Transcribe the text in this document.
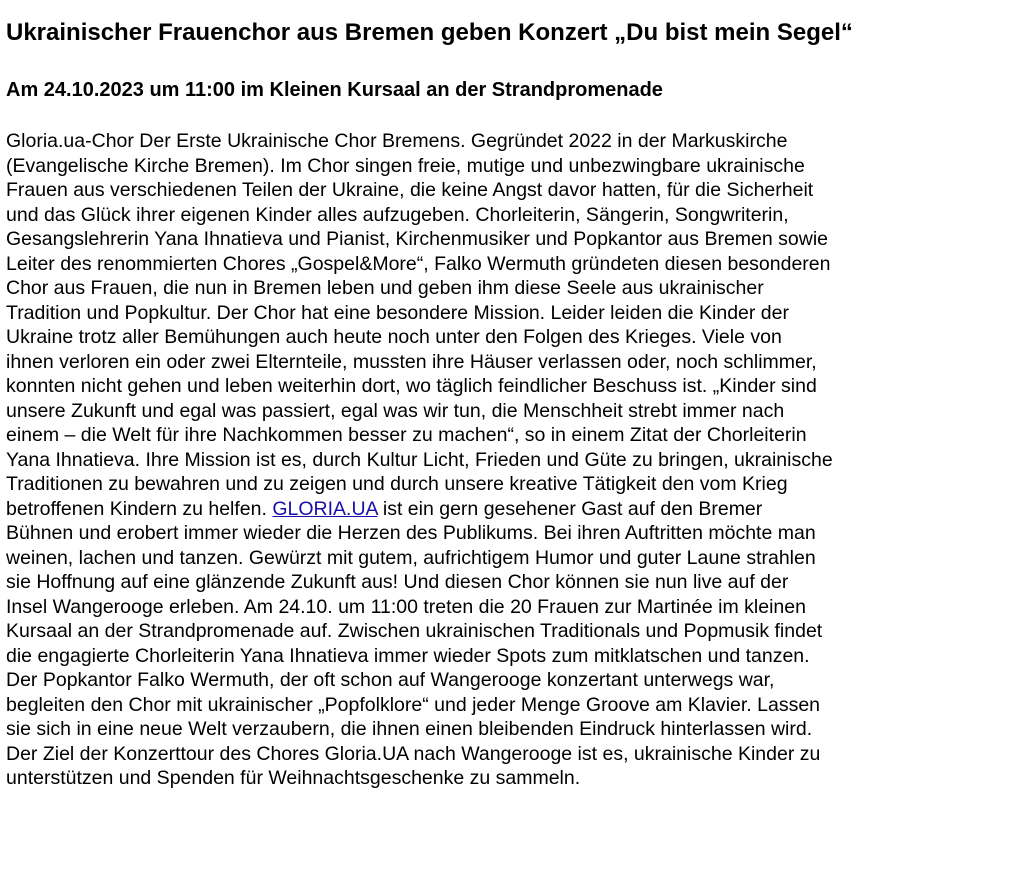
Ukrainischer Frauenchor aus Bremen geben Konzert „Du bist mein Segel“
Am 24.10.2023 um 11:00 im Kleinen Kursaal an der Strandpromenade
Gloria.ua-Chor Der Erste Ukrainische Chor Bremens. Gegründet 2022 in der Markuskirche
(Evangelische Kirche Bremen). Im Chor singen freie, mutige und unbezwingbare ukrainische
Frauen aus verschiedenen Teilen der Ukraine, die keine Angst davor hatten, für die Sicherheit
und das Glück ihrer eigenen Kinder alles aufzugeben. Chorleiterin, Sängerin, Songwriterin,
Gesangslehrerin Yana Ihnatieva und Pianist, Kirchenmusiker und Popkantor aus Bremen sowie
Leiter des renommierten Chores „Gospel&More“, Falko Wermuth gründeten diesen besonderen
Chor aus Frauen, die nun in Bremen leben und geben ihm diese Seele aus ukrainischer
Tradition und Popkultur. Der Chor hat eine besondere Mission. Leider leiden die Kinder der
Ukraine trotz aller Bemühungen auch heute noch unter den Folgen des Krieges. Viele von
ihnen verloren ein oder zwei Elternteile, mussten ihre Häuser verlassen oder, noch schlimmer,
konnten nicht gehen und leben weiterhin dort, wo täglich feindlicher Beschuss ist. „Kinder sind
unsere Zukunft und egal was passiert, egal was wir tun, die Menschheit strebt immer nach
einem – die Welt für ihre Nachkommen besser zu machen“, so in einem Zitat der Chorleiterin
Yana Ihnatieva. Ihre Mission ist es, durch Kultur Licht, Frieden und Güte zu bringen, ukrainische
Traditionen zu bewahren und zu zeigen und durch unsere kreative Tätigkeit den vom Krieg
betroffenen Kindern zu helfen. GLORIA.UA ist ein gern gesehener Gast auf den Bremer
Bühnen und erobert immer wieder die Herzen des Publikums. Bei ihren Auftritten möchte man
weinen, lachen und tanzen. Gewürzt mit gutem, aufrichtigem Humor und guter Laune strahlen
sie Hoffnung auf eine glänzende Zukunft aus! Und diesen Chor können sie nun live auf der
Insel Wangerooge erleben. Am 24.10. um 11:00 treten die 20 Frauen zur Martinée im kleinen
Kursaal an der Strandpromenade auf. Zwischen ukrainischen Traditionals und Popmusik findet
die engagierte Chorleiterin Yana Ihnatieva immer wieder Spots zum mitklatschen und tanzen.
Der Popkantor Falko Wermuth, der oft schon auf Wangerooge konzertant unterwegs war,
begleiten den Chor mit ukrainischer „Popfolklore“ und jeder Menge Groove am Klavier. Lassen
sie sich in eine neue Welt verzaubern, die ihnen einen bleibenden Eindruck hinterlassen wird.
Der Ziel der Konzerttour des Chores Gloria.UA nach Wangerooge ist es, ukrainische Kinder zu
unterstützen und Spenden für Weihnachtsgeschenke zu sammeln.
